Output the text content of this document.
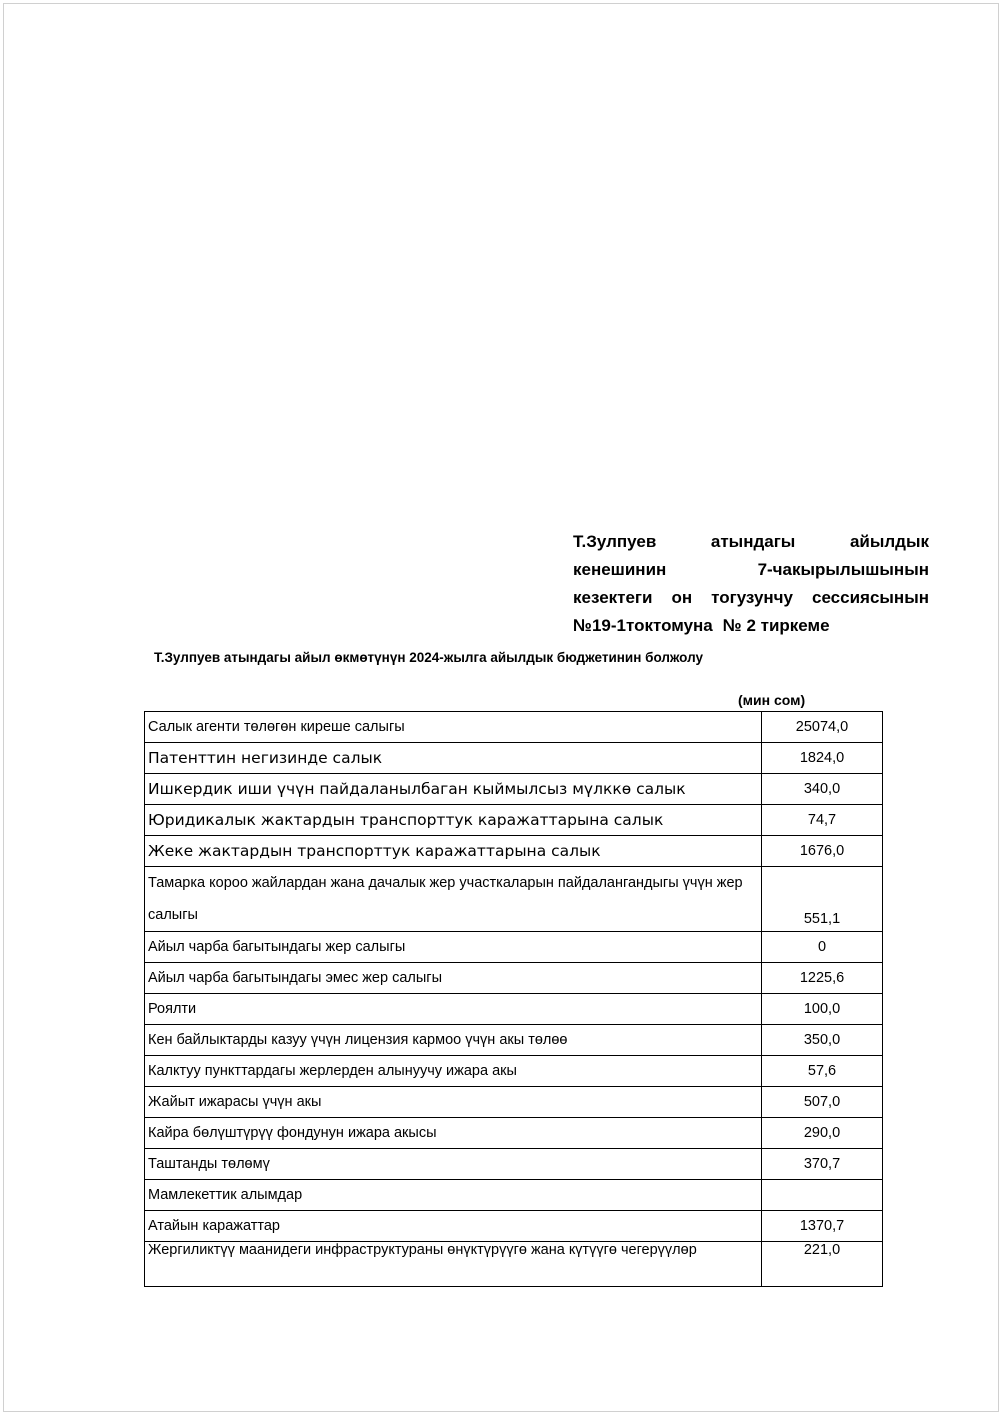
Т.Зулпуев	атындагы	айылдык
кенешинин	7-чакырылышынын
кезектеги он тогузунчу сессиясынын
№19-1токтомуна № 2 тиркеме
Т.Зулпуев атындагы айыл өкмөтүнүн 2024-жылга айылдык бюджетинин болжолу
(мин сом)
Салык агенти төлөгөн киреше салыгы	25074,0
Патенттин негизинде салык	1824,0
Ишкердик иши үчүн пайдаланылбаган кыймылсыз мүлккө салык	340,0
Юридикалык жактардын транспорттук каражаттарына салык	74,7
Жеке жактардын транспорттук каражаттарына салык	1676,0
Тамарка короо жайлардан жана дачалык жер участкаларын пайдалангандыгы үчүн жер салыгы	551,1
Айыл чарба багытындагы жер салыгы	0
Айыл чарба багытындагы эмес жер салыгы	1225,6
Роялти	100,0
Кен байлыктарды казуу үчүн лицензия кармоо үчүн акы төлөө	350,0
Калктуу пункттардагы жерлерден алынуучу ижара акы	57,6
Жайыт ижарасы үчүн акы	507,0
Кайра бөлүштүрүү фондунун ижара акысы	290,0
Таштанды төлөмү	370,7
Мамлекеттик алымдар	
Атайын каражаттар	1370,7
Жергиликтүү маанидеги инфраструктураны өнүктүрүүгө жана күтүүгө чегерүүлөр	221,0
